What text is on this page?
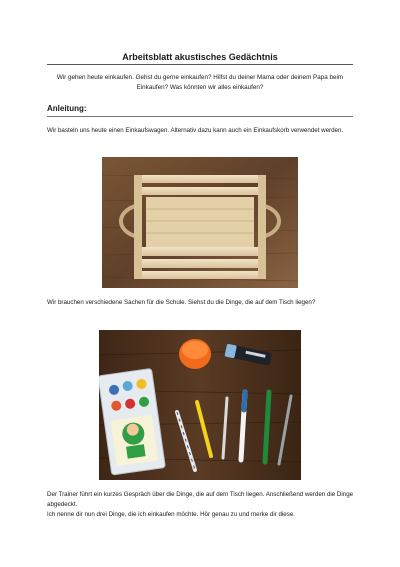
Arbeitsblatt akustisches Gedächtnis
Wir gehen heute einkaufen. Gehst du gerne einkaufen? Hilfst du deiner Mama oder deinem Papa beim Einkaufen? Was könnten wir alles einkaufen?
Anleitung:
Wir basteln uns heute einen Einkaufswagen. Alternativ dazu kann auch ein Einkaufskorb verwendet werden.
Wir brauchen verschiedene Sachen für die Schule. Siehst du die Dinge, die auf dem Tisch liegen?
Der Trainer führt ein kurzes Gespräch über die Dinge, die auf dem Tisch liegen. Anschließend werden die Dinge abgedeckt.
Ich nenne dir nun drei Dinge, die ich einkaufen möchte. Hör genau zu und merke dir diese.
